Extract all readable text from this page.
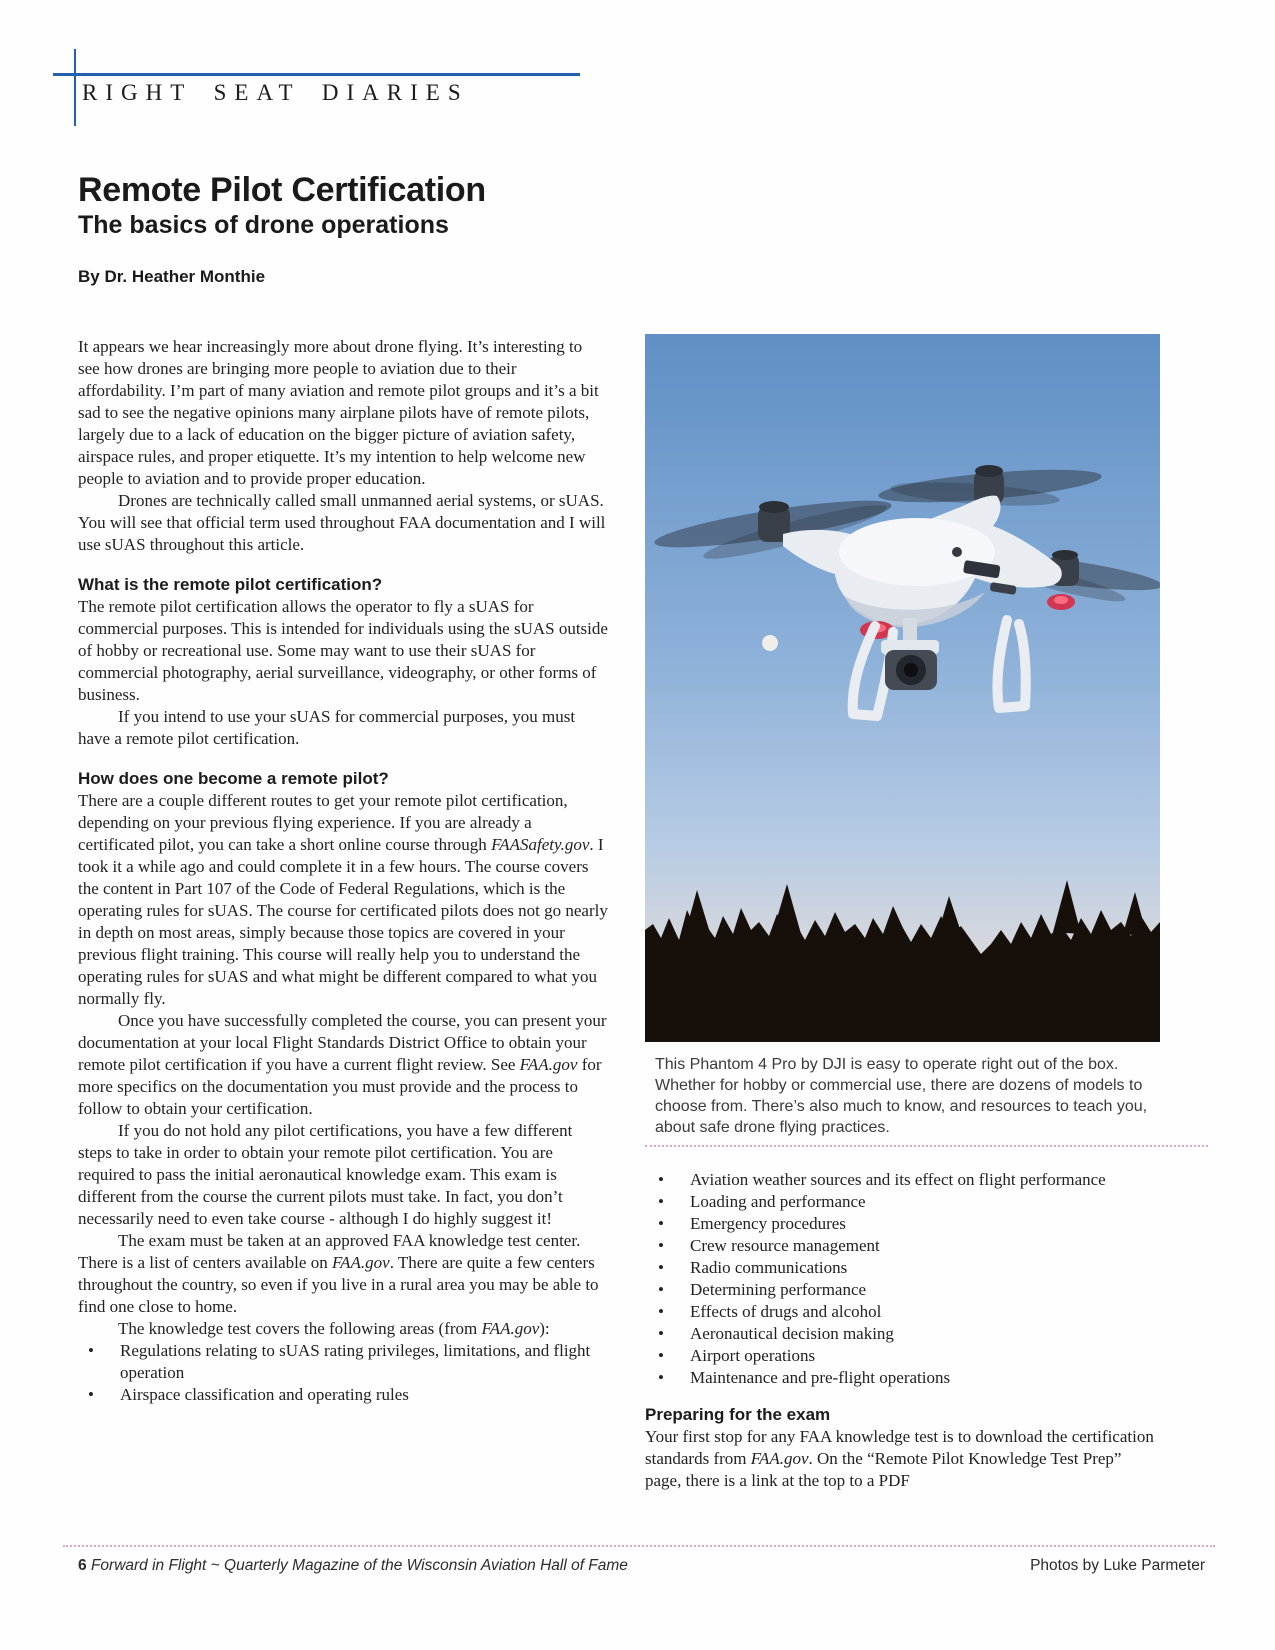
RIGHT SEAT DIARIES
Remote Pilot Certification
The basics of drone operations
By Dr. Heather Monthie

It appears we hear increasingly more about drone flying. It’s interesting to see how drones are bringing more people to aviation due to their affordability. I’m part of many aviation and remote pilot groups and it’s a bit sad to see the negative opinions many airplane pilots have of remote pilots, largely due to a lack of education on the bigger picture of aviation safety, airspace rules, and proper etiquette. It’s my intention to help welcome new people to aviation and to provide proper education.

Drones are technically called small unmanned aerial systems, or sUAS. You will see that official term used throughout FAA documentation and I will use sUAS throughout this article.

What is the remote pilot certification?

The remote pilot certification allows the operator to fly a sUAS for commercial purposes. This is intended for individuals using the sUAS outside of hobby or recreational use. Some may want to use their sUAS for commercial photography, aerial surveillance, videography, or other forms of business.

If you intend to use your sUAS for commercial purposes, you must have a remote pilot certification.

How does one become a remote pilot?

There are a couple different routes to get your remote pilot certification, depending on your previous flying experience. If you are already a certificated pilot, you can take a short online course through FAASafety.gov. I took it a while ago and could complete it in a few hours. The course covers the content in Part 107 of the Code of Federal Regulations, which is the operating rules for sUAS. The course for certificated pilots does not go nearly in depth on most areas, simply because those topics are covered in your previous flight training. This course will really help you to understand the operating rules for sUAS and what might be different compared to what you normally fly.

Once you have successfully completed the course, you can present your documentation at your local Flight Standards District Office to obtain your remote pilot certification if you have a current flight review. See FAA.gov for more specifics on the documentation you must provide and the process to follow to obtain your certification.

If you do not hold any pilot certifications, you have a few different steps to take in order to obtain your remote pilot certification. You are required to pass the initial aeronautical knowledge exam. This exam is different from the course the current pilots must take. In fact, you don’t necessarily need to even take course - although I do highly suggest it!

The exam must be taken at an approved FAA knowledge test center. There is a list of centers available on FAA.gov. There are quite a few centers throughout the country, so even if you live in a rural area you may be able to find one close to home.

The knowledge test covers the following areas (from FAA.gov):

• Regulations relating to sUAS rating privileges, limitations, and flight operation
• Airspace classification and operating rules
This Phantom 4 Pro by DJI is easy to operate right out of the box. Whether for hobby or commercial use, there are dozens of models to choose from. There’s also much to know, and resources to teach you, about safe drone flying practices.
• Aviation weather sources and its effect on flight performance
• Loading and performance
• Emergency procedures
• Crew resource management
• Radio communications
• Determining performance
• Effects of drugs and alcohol
• Aeronautical decision making
• Airport operations
• Maintenance and pre-flight operations
Preparing for the exam

Your first stop for any FAA knowledge test is to download the certification standards from FAA.gov. On the “Remote Pilot Knowledge Test Prep” page, there is a link at the top to a PDF

6 Forward in Flight ~ Quarterly Magazine of the Wisconsin Aviation Hall of Fame	Photos by Luke Parmeter
